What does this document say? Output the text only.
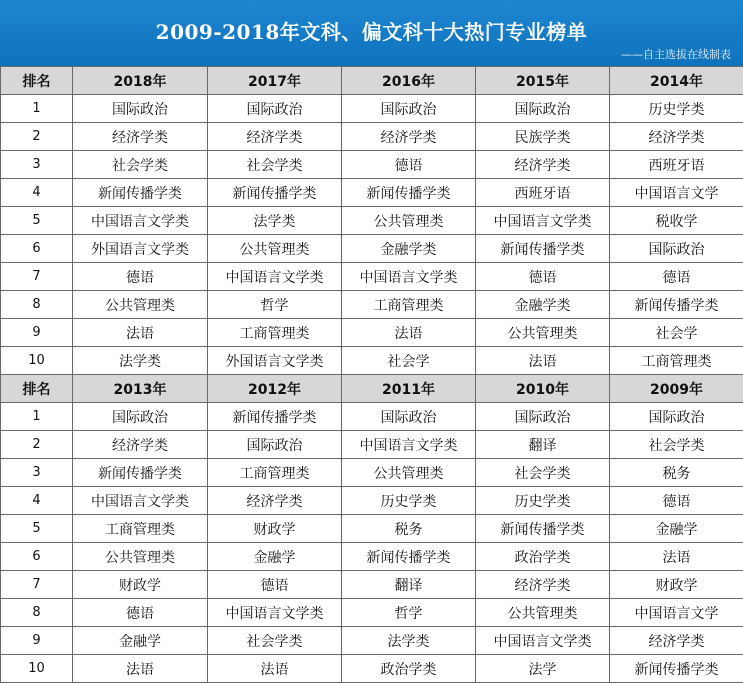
2009-2018年文科、偏文科十大热门专业榜单
——自主选拔在线制表
排名	2018年	2017年	2016年	2015年	2014年
1	国际政治	国际政治	国际政治	国际政治	历史学类
2	经济学类	经济学类	经济学类	民族学类	经济学类
3	社会学类	社会学类	德语	经济学类	西班牙语
4	新闻传播学类	新闻传播学类	新闻传播学类	西班牙语	中国语言文学
5	中国语言文学类	法学类	公共管理类	中国语言文学类	税收学
6	外国语言文学类	公共管理类	金融学类	新闻传播学类	国际政治
7	德语	中国语言文学类	中国语言文学类	德语	德语
8	公共管理类	哲学	工商管理类	金融学类	新闻传播学类
9	法语	工商管理类	法语	公共管理类	社会学
10	法学类	外国语言文学类	社会学	法语	工商管理类
排名	2013年	2012年	2011年	2010年	2009年
1	国际政治	新闻传播学类	国际政治	国际政治	国际政治
2	经济学类	国际政治	中国语言文学类	翻译	社会学类
3	新闻传播学类	工商管理类	公共管理类	社会学类	税务
4	中国语言文学类	经济学类	历史学类	历史学类	德语
5	工商管理类	财政学	税务	新闻传播学类	金融学
6	公共管理类	金融学	新闻传播学类	政治学类	法语
7	财政学	德语	翻译	经济学类	财政学
8	德语	中国语言文学类	哲学	公共管理类	中国语言文学
9	金融学	社会学类	法学类	中国语言文学类	经济学类
10	法语	法语	政治学类	法学	新闻传播学类
